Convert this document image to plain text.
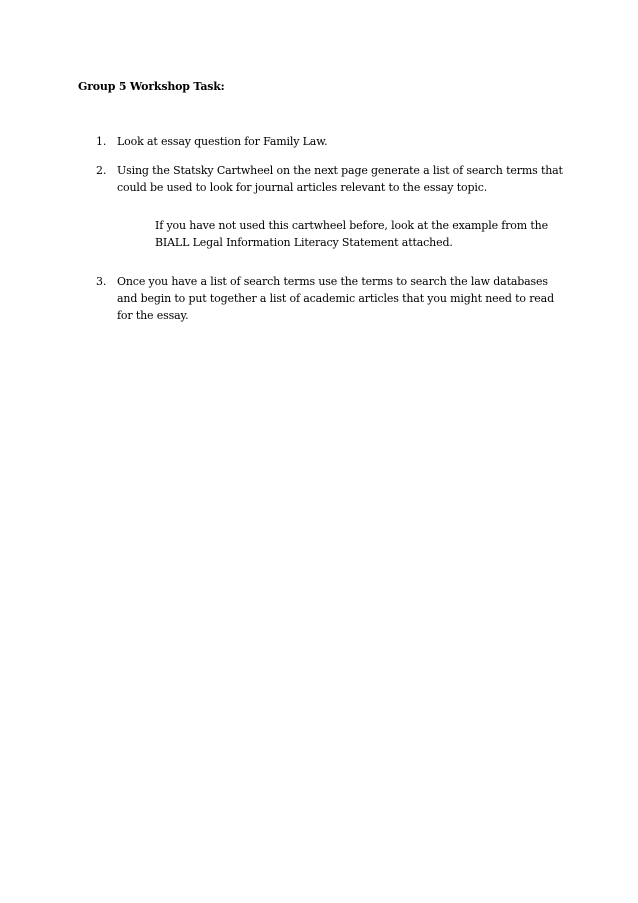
Group 5 Workshop Task:
1. Look at essay question for Family Law.
2. Using the Statsky Cartwheel on the next page generate a list of search terms that could be used to look for journal articles relevant to the essay topic.
If you have not used this cartwheel before, look at the example from the BIALL Legal Information Literacy Statement attached.
3. Once you have a list of search terms use the terms to search the law databases and begin to put together a list of academic articles that you might need to read for the essay.
